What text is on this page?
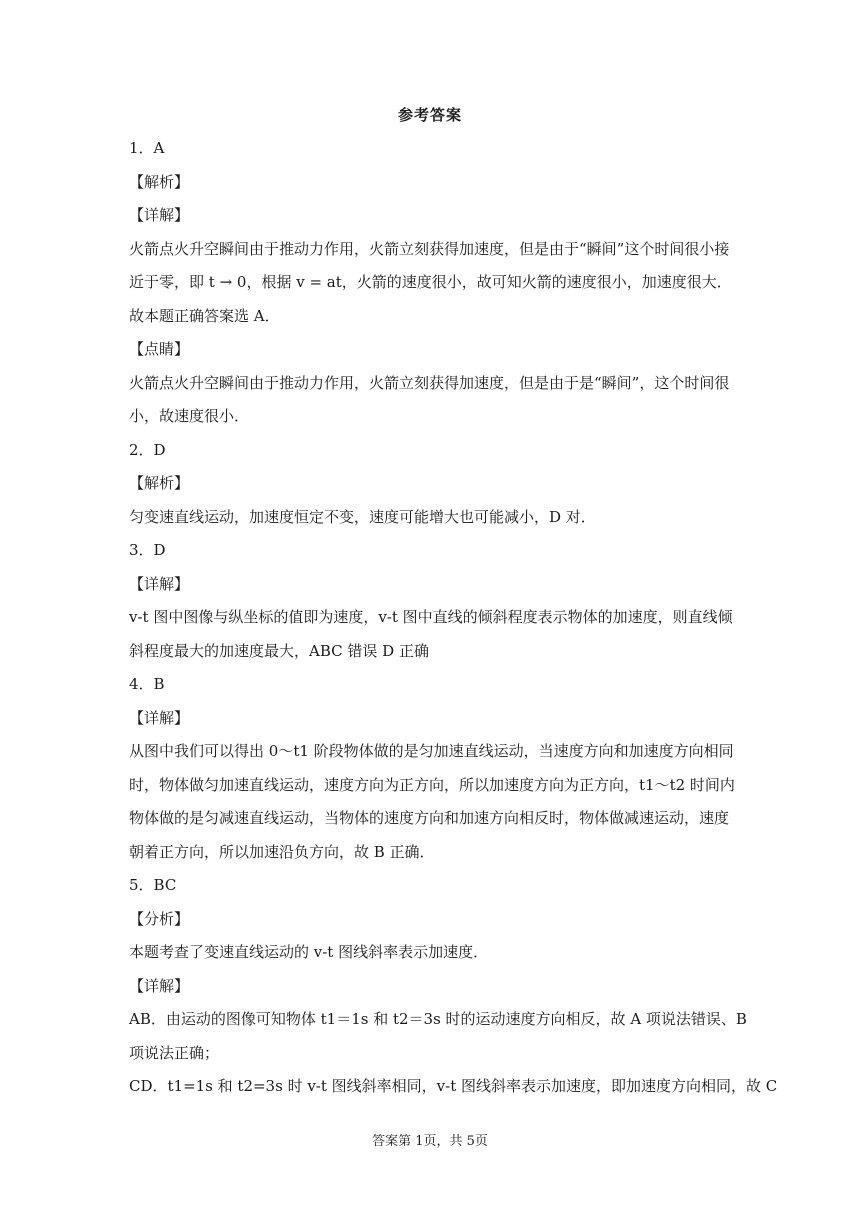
参考答案
1．A
【解析】
【详解】
火箭点火升空瞬间由于推动力作用，火箭立刻获得加速度，但是由于“瞬间”这个时间很小接
近于零，即 t → 0，根据 v = at，火箭的速度很小，故可知火箭的速度很小，加速度很大．
故本题正确答案选 A．
【点睛】
火箭点火升空瞬间由于推动力作用，火箭立刻获得加速度，但是由于是“瞬间”，这个时间很
小，故速度很小．
2．D
【解析】
匀变速直线运动，加速度恒定不变，速度可能增大也可能减小，D 对．
3．D
【详解】
v-t 图中图像与纵坐标的值即为速度，v-t 图中直线的倾斜程度表示物体的加速度，则直线倾
斜程度最大的加速度最大，ABC 错误 D 正确
4．B
【详解】
从图中我们可以得出 0～t1 阶段物体做的是匀加速直线运动，当速度方向和加速度方向相同
时，物体做匀加速直线运动，速度方向为正方向，所以加速度方向为正方向，t1～t2 时间内
物体做的是匀减速直线运动，当物体的速度方向和加速方向相反时，物体做减速运动，速度
朝着正方向，所以加速沿负方向，故 B 正确．
5．BC
【分析】
本题考查了变速直线运动的 v-t 图线斜率表示加速度．
【详解】
AB．由运动的图像可知物体 t1＝1s 和 t2＝3s 时的运动速度方向相反，故 A 项说法错误、B
项说法正确；
CD．t1=1s 和 t2=3s 时 v-t 图线斜率相同，v-t 图线斜率表示加速度，即加速度方向相同，故 C
答案第 1页，共 5页
